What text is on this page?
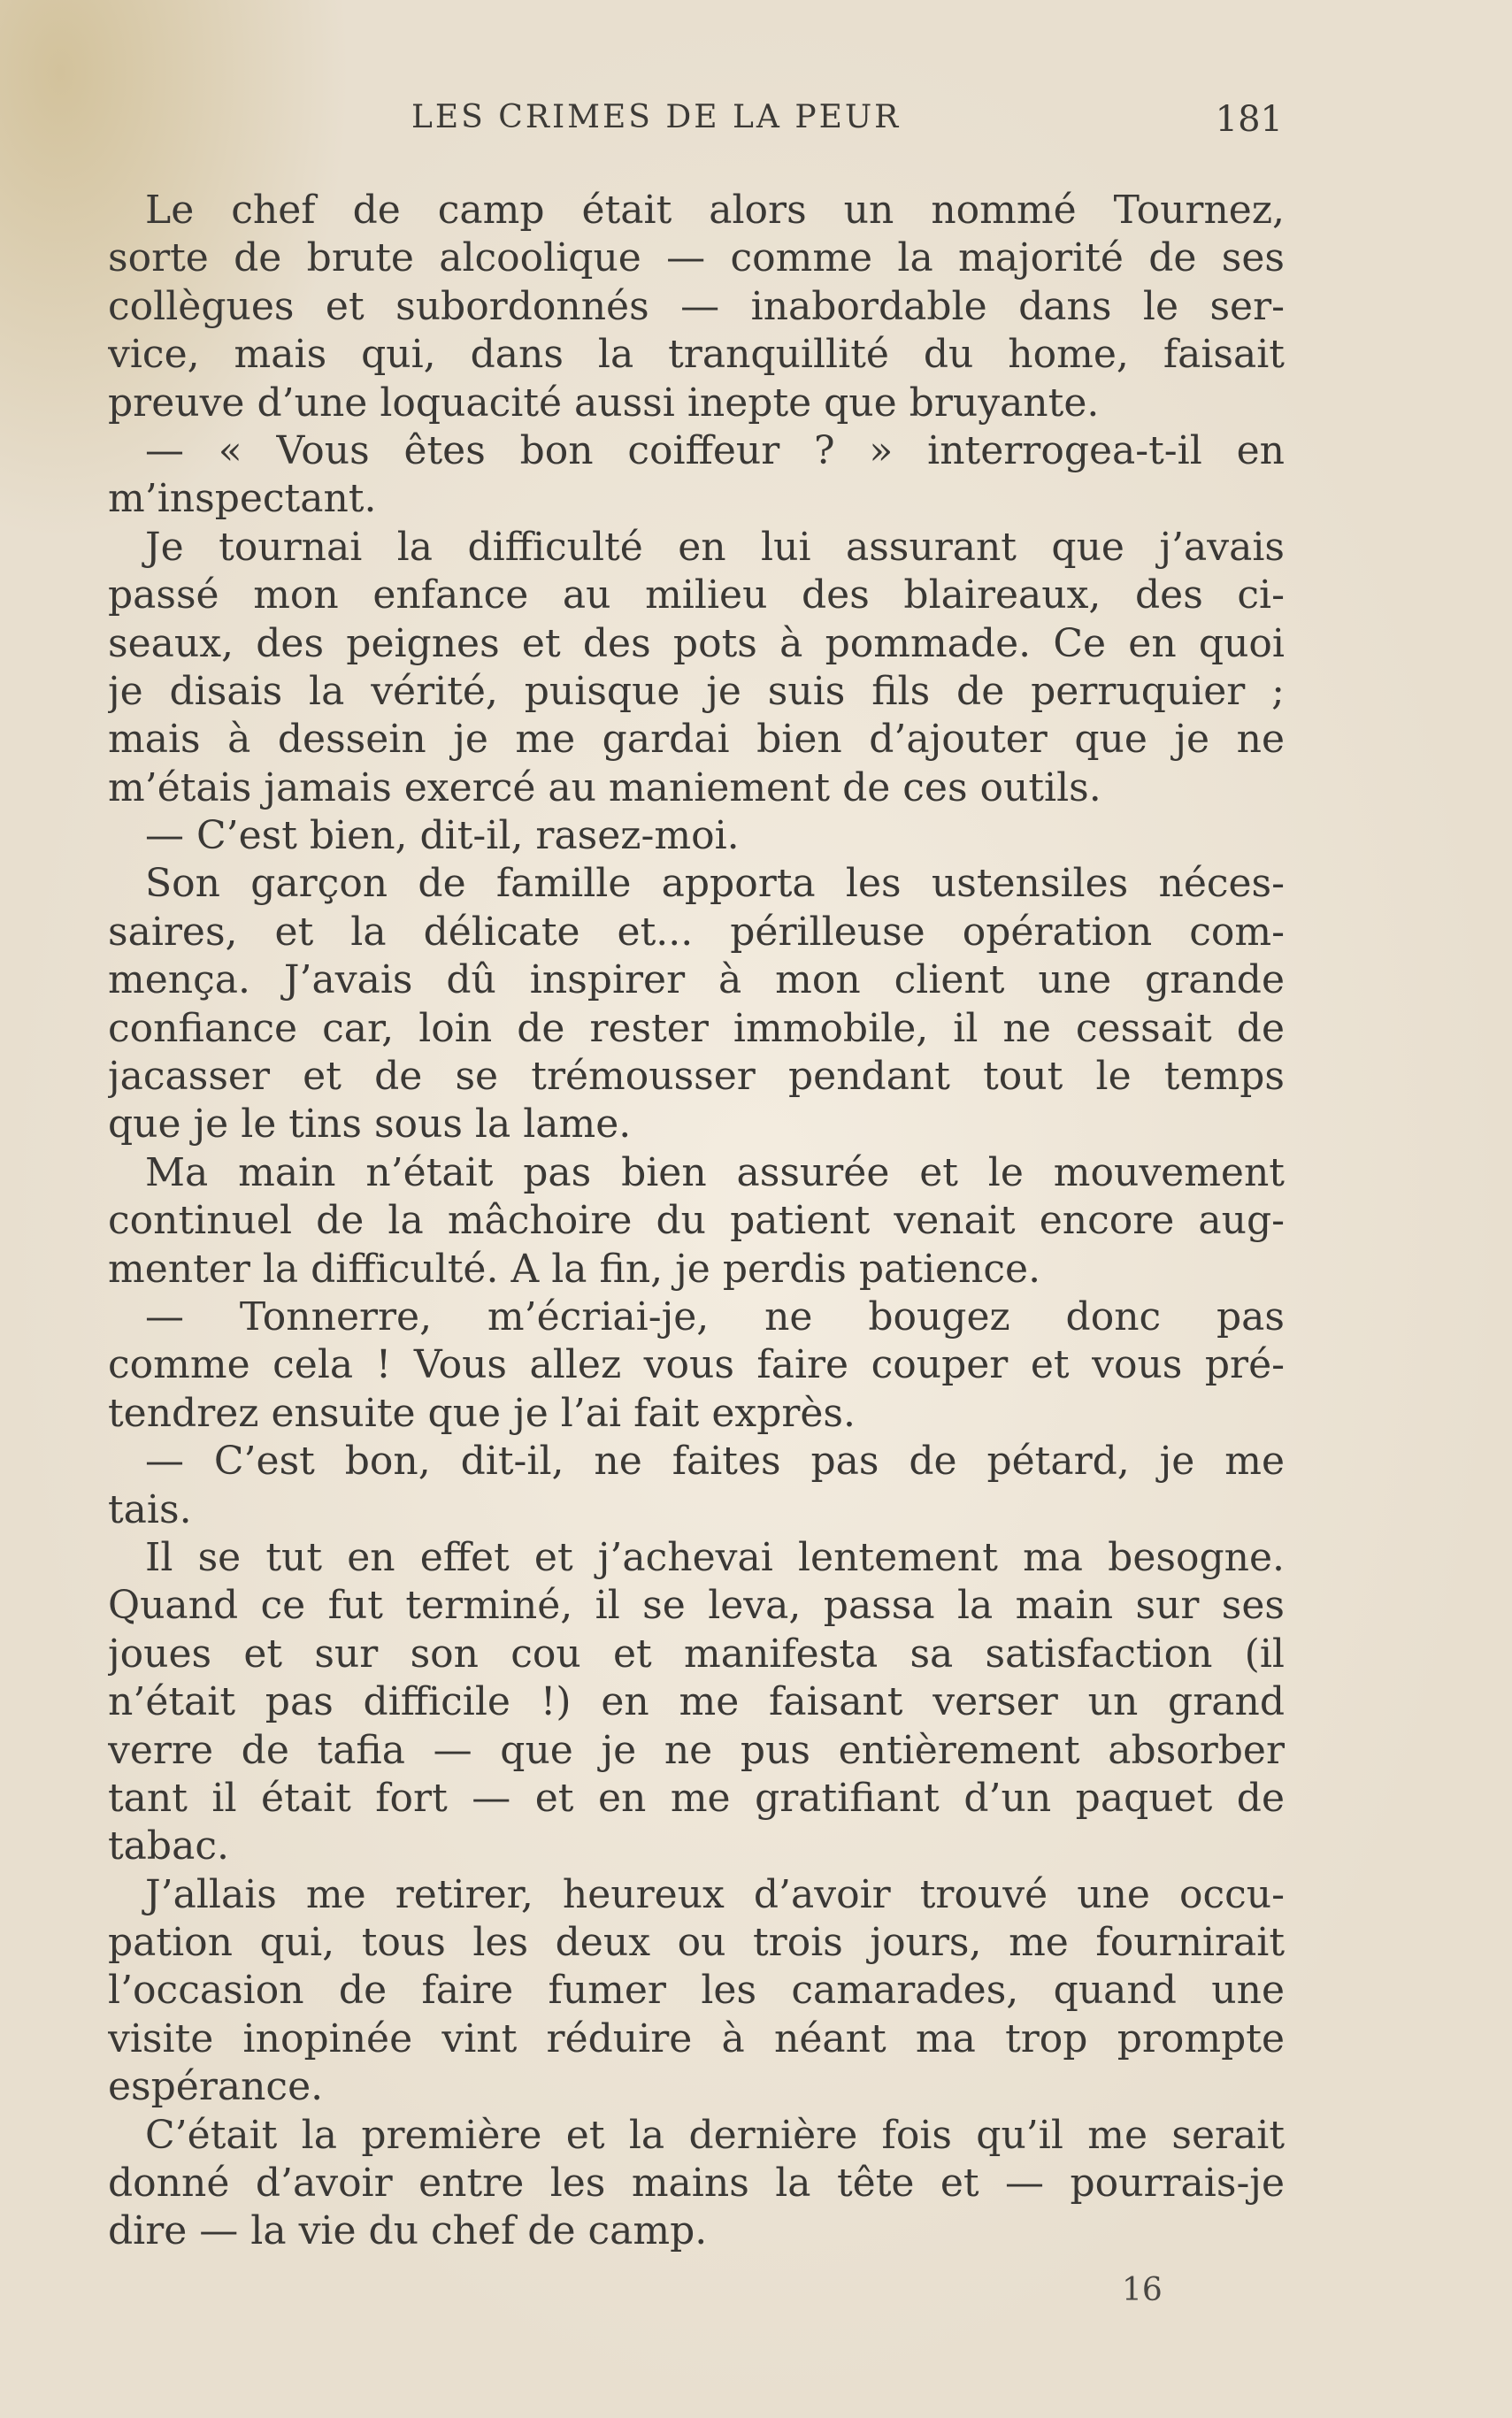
LES CRIMES DE LA PEUR	181
Le chef de camp était alors un nommé Tournez,
sorte de brute alcoolique — comme la majorité de ses
collègues et subordonnés — inabordable dans le ser-
vice, mais qui, dans la tranquillité du home, faisait
preuve d’une loquacité aussi inepte que bruyante.
— « Vous êtes bon coiffeur ? » interrogea-t-il en
m’inspectant.
Je tournai la difficulté en lui assurant que j’avais
passé mon enfance au milieu des blaireaux, des ci-
seaux, des peignes et des pots à pommade. Ce en quoi
je disais la vérité, puisque je suis fils de perruquier ;
mais à dessein je me gardai bien d’ajouter que je ne
m’étais jamais exercé au maniement de ces outils.
— C’est bien, dit-il, rasez-moi.
Son garçon de famille apporta les ustensiles néces-
saires, et la délicate et... périlleuse opération com-
mença. J’avais dû inspirer à mon client une grande
confiance car, loin de rester immobile, il ne cessait de
jacasser et de se trémousser pendant tout le temps
que je le tins sous la lame.
Ma main n’était pas bien assurée et le mouvement
continuel de la mâchoire du patient venait encore aug-
menter la difficulté. A la fin, je perdis patience.
— Tonnerre, m’écriai-je, ne bougez donc pas
comme cela ! Vous allez vous faire couper et vous pré-
tendrez ensuite que je l’ai fait exprès.
— C’est bon, dit-il, ne faites pas de pétard, je me
tais.
Il se tut en effet et j’achevai lentement ma besogne.
Quand ce fut terminé, il se leva, passa la main sur ses
joues et sur son cou et manifesta sa satisfaction (il
n’était pas difficile !) en me faisant verser un grand
verre de tafia — que je ne pus entièrement absorber
tant il était fort — et en me gratifiant d’un paquet de
tabac.
J’allais me retirer, heureux d’avoir trouvé une occu-
pation qui, tous les deux ou trois jours, me fournirait
l’occasion de faire fumer les camarades, quand une
visite inopinée vint réduire à néant ma trop prompte
espérance.
C’était la première et la dernière fois qu’il me serait
donné d’avoir entre les mains la tête et — pourrais-je
dire — la vie du chef de camp.
16
